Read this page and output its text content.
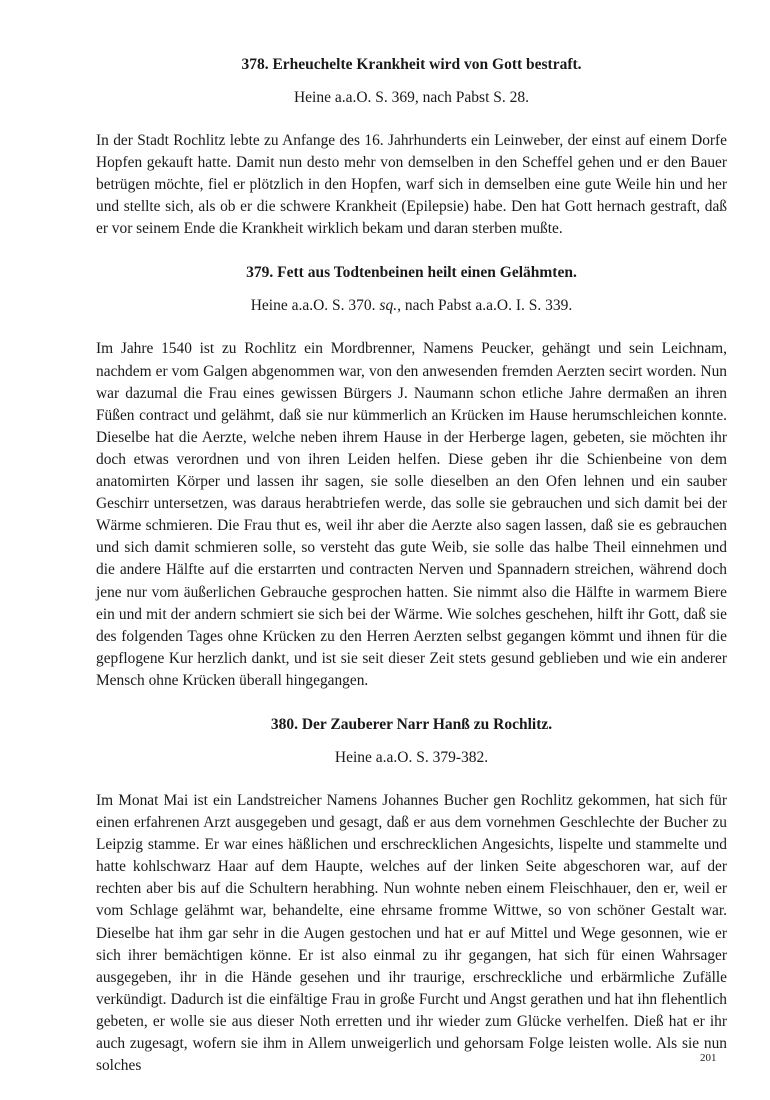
378. Erheuchelte Krankheit wird von Gott bestraft.

Heine a.a.O. S. 369, nach Pabst S. 28.

In der Stadt Rochlitz lebte zu Anfange des 16. Jahrhunderts ein Leinweber, der einst auf einem Dorfe Hopfen gekauft hatte. Damit nun desto mehr von demselben in den Scheffel gehen und er den Bauer betrügen möchte, fiel er plötzlich in den Hopfen, warf sich in demselben eine gute Weile hin und her und stellte sich, als ob er die schwere Krankheit (Epilepsie) habe. Den hat Gott hernach gestraft, daß er vor seinem Ende die Krankheit wirklich bekam und daran sterben mußte.

379. Fett aus Todtenbeinen heilt einen Gelähmten.

Heine a.a.O. S. 370. sq., nach Pabst a.a.O. I. S. 339.

Im Jahre 1540 ist zu Rochlitz ein Mordbrenner, Namens Peucker, gehängt und sein Leichnam, nachdem er vom Galgen abgenommen war, von den anwesenden fremden Aerzten secirt worden. Nun war dazumal die Frau eines gewissen Bürgers J. Naumann schon etliche Jahre dermaßen an ihren Füßen contract und gelähmt, daß sie nur kümmerlich an Krücken im Hause herumschleichen konnte. Dieselbe hat die Aerzte, welche neben ihrem Hause in der Herberge lagen, gebeten, sie möchten ihr doch etwas verordnen und von ihren Leiden helfen. Diese geben ihr die Schienbeine von dem anatomirten Körper und lassen ihr sagen, sie solle dieselben an den Ofen lehnen und ein sauber Geschirr untersetzen, was daraus herabtriefen werde, das solle sie gebrauchen und sich damit bei der Wärme schmieren. Die Frau thut es, weil ihr aber die Aerzte also sagen lassen, daß sie es gebrauchen und sich damit schmieren solle, so versteht das gute Weib, sie solle das halbe Theil einnehmen und die andere Hälfte auf die erstarrten und contracten Nerven und Spannadern streichen, während doch jene nur vom äußerlichen Gebrauche gesprochen hatten. Sie nimmt also die Hälfte in warmem Biere ein und mit der andern schmiert sie sich bei der Wärme. Wie solches geschehen, hilft ihr Gott, daß sie des folgenden Tages ohne Krücken zu den Herren Aerzten selbst gegangen kömmt und ihnen für die gepflogene Kur herzlich dankt, und ist sie seit dieser Zeit stets gesund geblieben und wie ein anderer Mensch ohne Krücken überall hingegangen.

380. Der Zauberer Narr Hanß zu Rochlitz.

Heine a.a.O. S. 379-382.

Im Monat Mai ist ein Landstreicher Namens Johannes Bucher gen Rochlitz gekommen, hat sich für einen erfahrenen Arzt ausgegeben und gesagt, daß er aus dem vornehmen Geschlechte der Bucher zu Leipzig stamme. Er war eines häßlichen und erschrecklichen Angesichts, lispelte und stammelte und hatte kohlschwarz Haar auf dem Haupte, welches auf der linken Seite abgeschoren war, auf der rechten aber bis auf die Schultern herabhing. Nun wohnte neben einem Fleischhauer, den er, weil er vom Schlage gelähmt war, behandelte, eine ehrsame fromme Wittwe, so von schöner Gestalt war. Dieselbe hat ihm gar sehr in die Augen gestochen und hat er auf Mittel und Wege gesonnen, wie er sich ihrer bemächtigen könne. Er ist also einmal zu ihr gegangen, hat sich für einen Wahrsager ausgegeben, ihr in die Hände gesehen und ihr traurige, erschreckliche und erbärmliche Zufälle verkündigt. Dadurch ist die einfältige Frau in große Furcht und Angst gerathen und hat ihn flehentlich gebeten, er wolle sie aus dieser Noth erretten und ihr wieder zum Glücke verhelfen. Dieß hat er ihr auch zugesagt, wofern sie ihm in Allem unweigerlich und gehorsam Folge leisten wolle. Als sie nun solches	201
